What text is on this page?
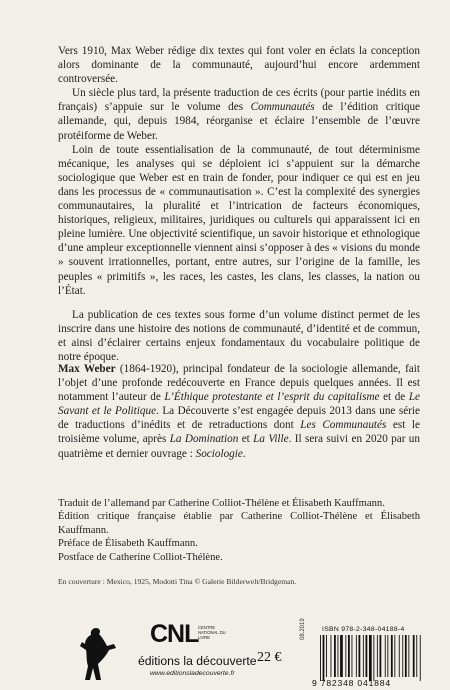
Vers 1910, Max Weber rédige dix textes qui font voler en éclats la conception alors dominante de la communauté, aujourd’hui encore ardemment controversée.

Un siècle plus tard, la présente traduction de ces écrits (pour partie inédits en français) s’appuie sur le volume des Communautés de l’édition critique allemande, qui, depuis 1984, réorganise et éclaire l’ensemble de l’œuvre protéiforme de Weber.

Loin de toute essentialisation de la communauté, de tout déterminisme mécanique, les analyses qui se déploient ici s’appuient sur la démarche sociologique que Weber est en train de fonder, pour indiquer ce qui est en jeu dans les processus de « communautisation ». C’est la complexité des synergies communautaires, la pluralité et l’intrication de facteurs économiques, historiques, religieux, militaires, juridiques ou culturels qui apparaissent ici en pleine lumière. Une objectivité scientifique, un savoir historique et ethnologique d’une ampleur exceptionnelle viennent ainsi s’opposer à des « visions du monde » souvent irrationnelles, portant, entre autres, sur l’origine de la famille, les peuples « primitifs », les races, les castes, les clans, les classes, la nation ou l’État.

La publication de ces textes sous forme d’un volume distinct permet de les inscrire dans une histoire des notions de communauté, d’identité et de commun, et ainsi d’éclairer certains enjeux fondamentaux du vocabulaire politique de notre époque.

Max Weber (1864-1920), principal fondateur de la sociologie allemande, fait l’objet d’une profonde redécouverte en France depuis quelques années. Il est notamment l’auteur de L’Éthique protestante et l’esprit du capitalisme et de Le Savant et le Politique. La Découverte s’est engagée depuis 2013 dans une série de traductions d’inédits et de retraductions dont Les Communautés est le troisième volume, après La Domination et La Ville. Il sera suivi en 2020 par un quatrième et dernier ouvrage : Sociologie.

Traduit de l’allemand par Catherine Colliot-Thélène et Élisabeth Kauffmann.

Édition critique française établie par Catherine Colliot-Thélène et Élisabeth Kauffmann.

Préface de Élisabeth Kauffmann.

Postface de Catherine Colliot-Thélène.

En couverture : Mexico, 1925, Modotti Tina © Galerie Bilderwelt/Bridgeman.
CNL CENTRE NATIONAL DU LIVRE
éditions la découverte
www.editionsladecouverte.fr
22 €
08.2019 ISBN 978-2-348-04188-4
9 782348 041884
